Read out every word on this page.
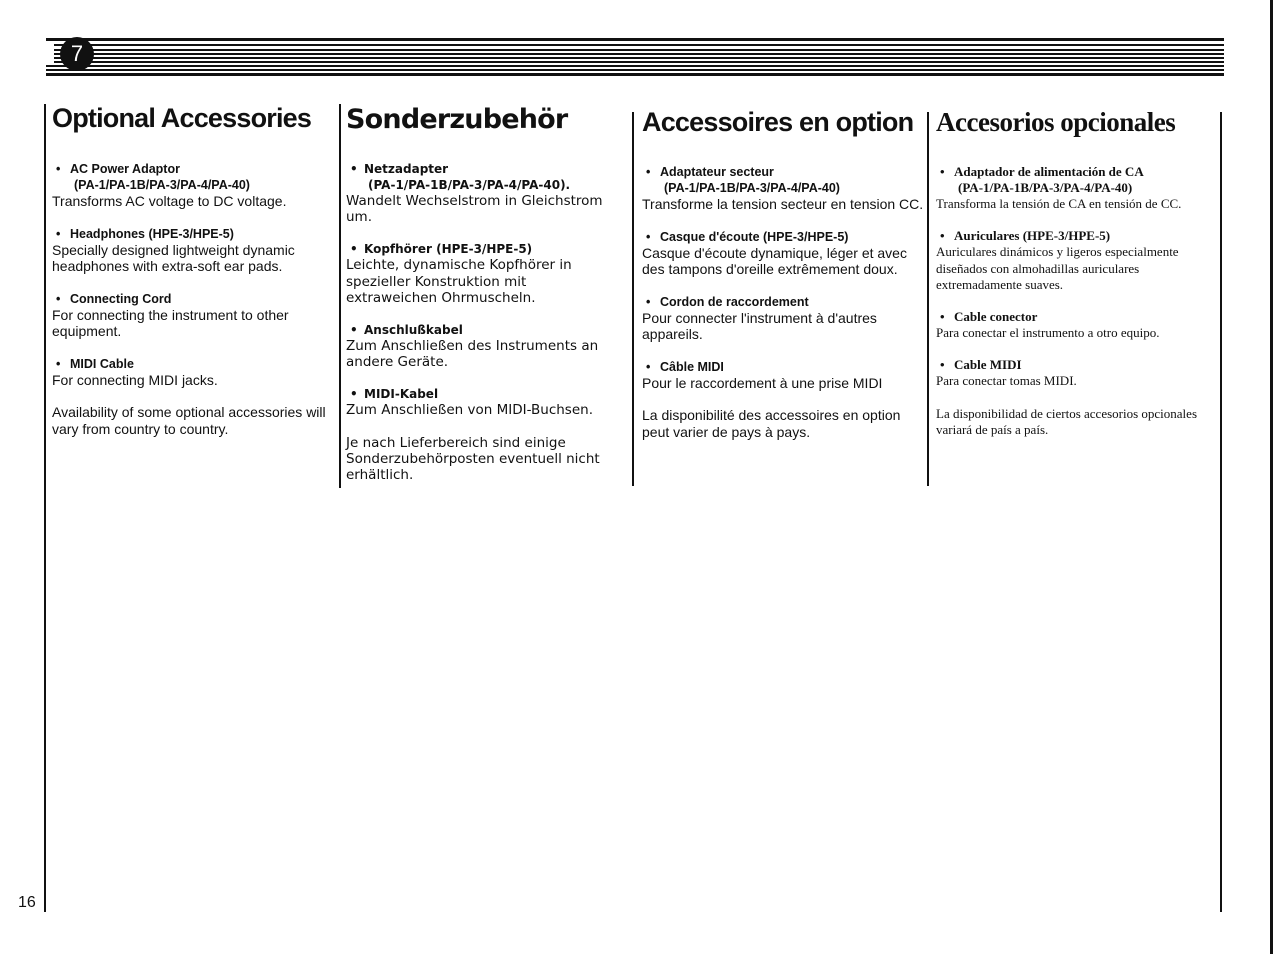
7
Optional Accessories
• AC Power Adaptor
(PA-1/PA-1B/PA-3/PA-4/PA-40)
Transforms AC voltage to DC voltage.
• Headphones (HPE-3/HPE-5)
Specially designed lightweight dynamic headphones with extra-soft ear pads.
• Connecting Cord
For connecting the instrument to other equipment.
• MIDI Cable
For connecting MIDI jacks.

Availability of some optional accessories will vary from country to country.

Sonderzubehör
• Netzadapter
(PA-1/PA-1B/PA-3/PA-4/PA-40).
Wandelt Wechselstrom in Gleichstrom um.
• Kopfhörer (HPE-3/HPE-5)
Leichte, dynamische Kopfhörer in spezieller Konstruktion mit extraweichen Ohrmuscheln.
• Anschlußkabel
Zum Anschließen des Instruments an andere Geräte.
• MIDI-Kabel
Zum Anschließen von MIDI-Buchsen.

Je nach Lieferbereich sind einige Sonderzubehörposten eventuell nicht erhältlich.

Accessoires en option
• Adaptateur secteur
(PA-1/PA-1B/PA-3/PA-4/PA-40)
Transforme la tension secteur en tension CC.
• Casque d'écoute (HPE-3/HPE-5)
Casque d'écoute dynamique, léger et avec des tampons d'oreille extrêmement doux.
• Cordon de raccordement
Pour connecter l'instrument à d'autres appareils.
• Câble MIDI
Pour le raccordement à une prise MIDI

La disponibilité des accessoires en option peut varier de pays à pays.

Accesorios opcionales
• Adaptador de alimentación de CA
(PA-1/PA-1B/PA-3/PA-4/PA-40)
Transforma la tensión de CA en tensión de CC.
• Auriculares (HPE-3/HPE-5)
Auriculares dinámicos y ligeros especialmente diseñados con almohadillas auriculares extremadamente suaves.
• Cable conector
Para conectar el instrumento a otro equipo.
• Cable MIDI
Para conectar tomas MIDI.

La disponibilidad de ciertos accesorios opcionales variará de país a país.

16
